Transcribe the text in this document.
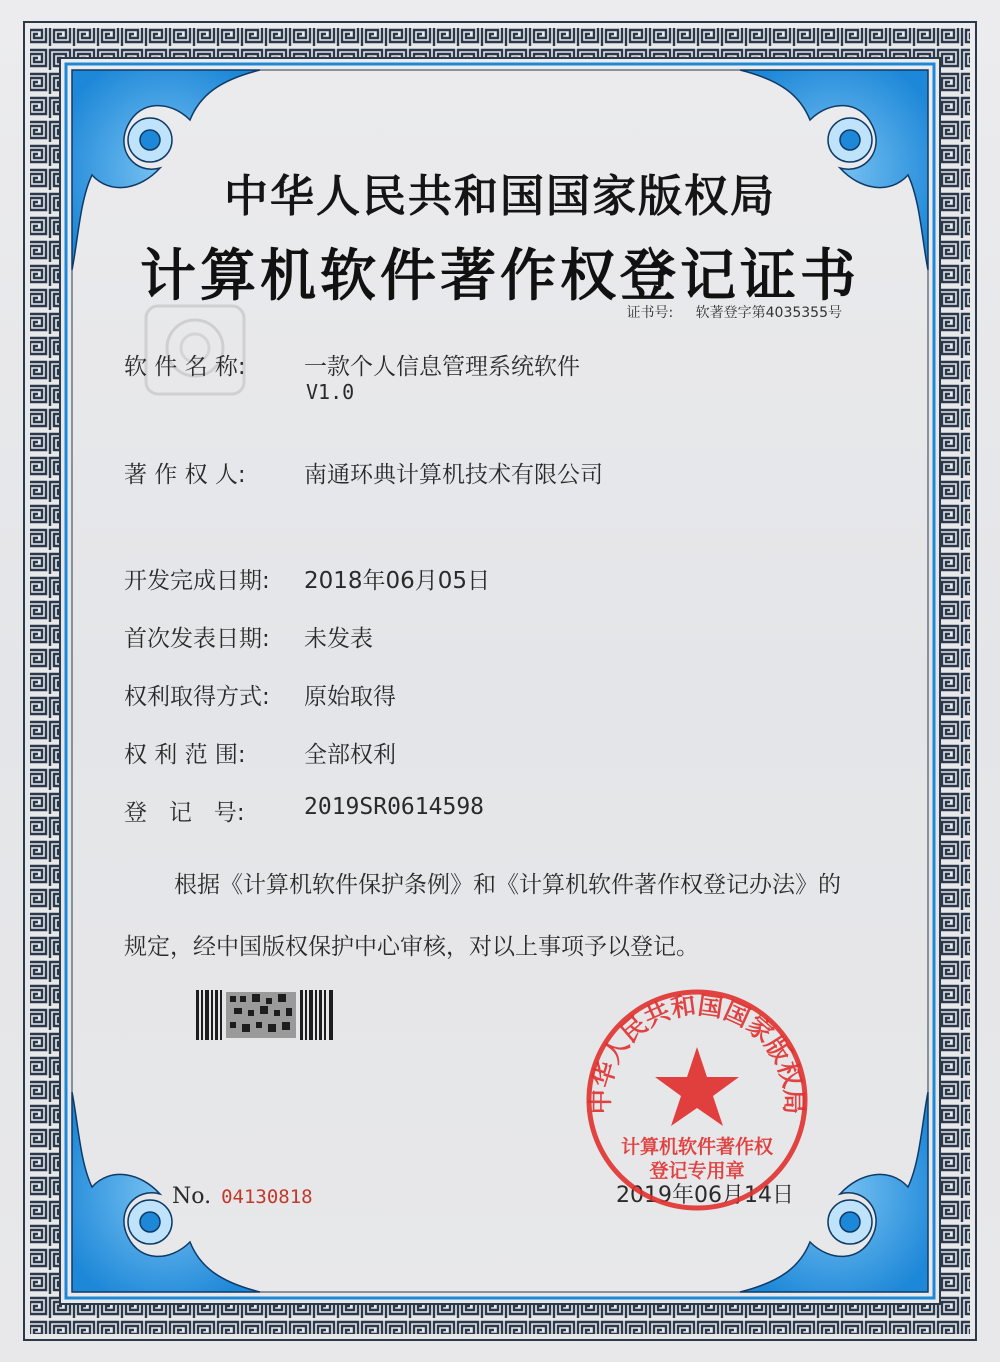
中华人民共和国国家版权局
计算机软件著作权登记证书
证书号: 软著登字第4035355号
软 件 名 称:	一款个人信息管理系统软件
V1.0
著 作 权 人:	南通环典计算机技术有限公司
开发完成日期: 2018年06月05日
首次发表日期: 未发表
权利取得方式: 原始取得
权 利 范 围:	全部权利
登   记   号:	2019SR0614598
根据《计算机软件保护条例》和《计算机软件著作权登记办法》的
规定，经中国版权保护中心审核，对以上事项予以登记。
No. 04130818	2019年06月14日
中华人民共和国国家版权局
计算机软件著作权
登记专用章
